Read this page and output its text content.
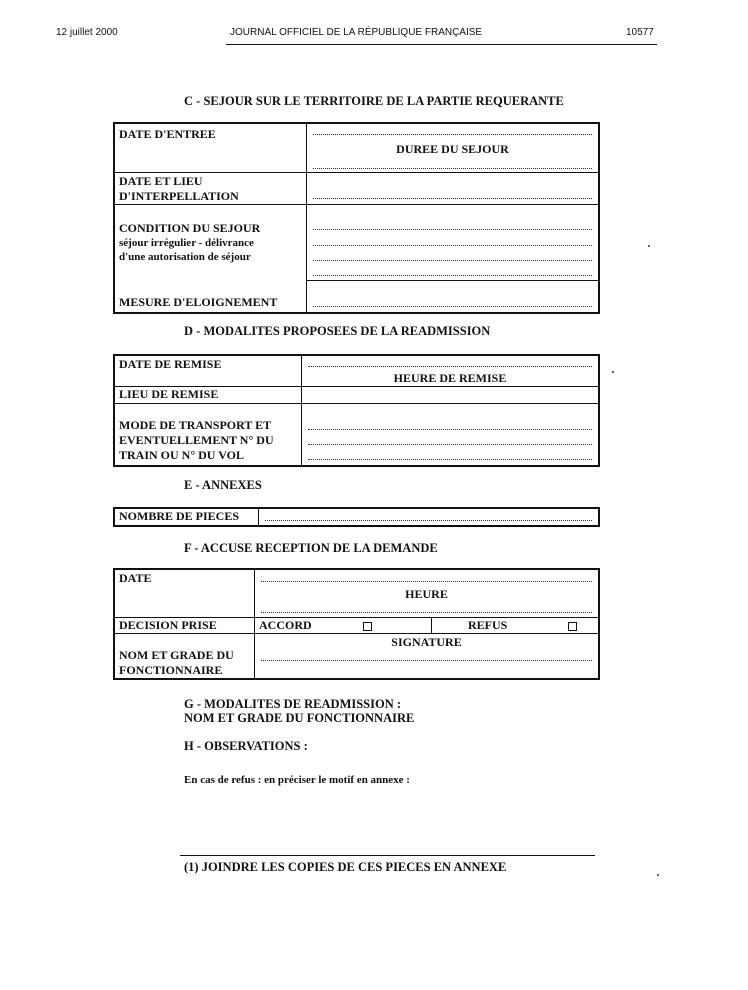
12 juillet 2000	JOURNAL OFFICIEL DE LA RÉPUBLIQUE FRANÇAISE	10577
C - SEJOUR SUR LE TERRITOIRE DE LA PARTIE REQUERANTE
DATE D'ENTREE	DUREE DU SEJOUR

DATE ET LIEU
D'INTERPELLATION	

CONDITION DU SEJOUR
séjour irrégulier - délivrance
d'une autorisation de séjour	

MESURE D'ELOIGNEMENT	

D - MODALITES PROPOSEES DE LA READMISSION
DATE DE REMISE	HEURE DE REMISE

LIEU DE REMISE	

MODE DE TRANSPORT ET
EVENTUELLEMENT N° DU
TRAIN OU N° DU VOL	

E - ANNEXES
NOMBRE DE PIECES

F - ACCUSE RECEPTION DE LA DEMANDE
DATE	HEURE	

DECISION PRISE	ACCORD	REFUS

NOM ET GRADE DU
FONCTIONNAIRE	SIGNATURE	
G - MODALITES DE READMISSION :
NOM ET GRADE DU FONCTIONNAIRE
H - OBSERVATIONS :
En cas de refus : en préciser le motif en annexe :
(1) JOINDRE LES COPIES DE CES PIECES EN ANNEXE
